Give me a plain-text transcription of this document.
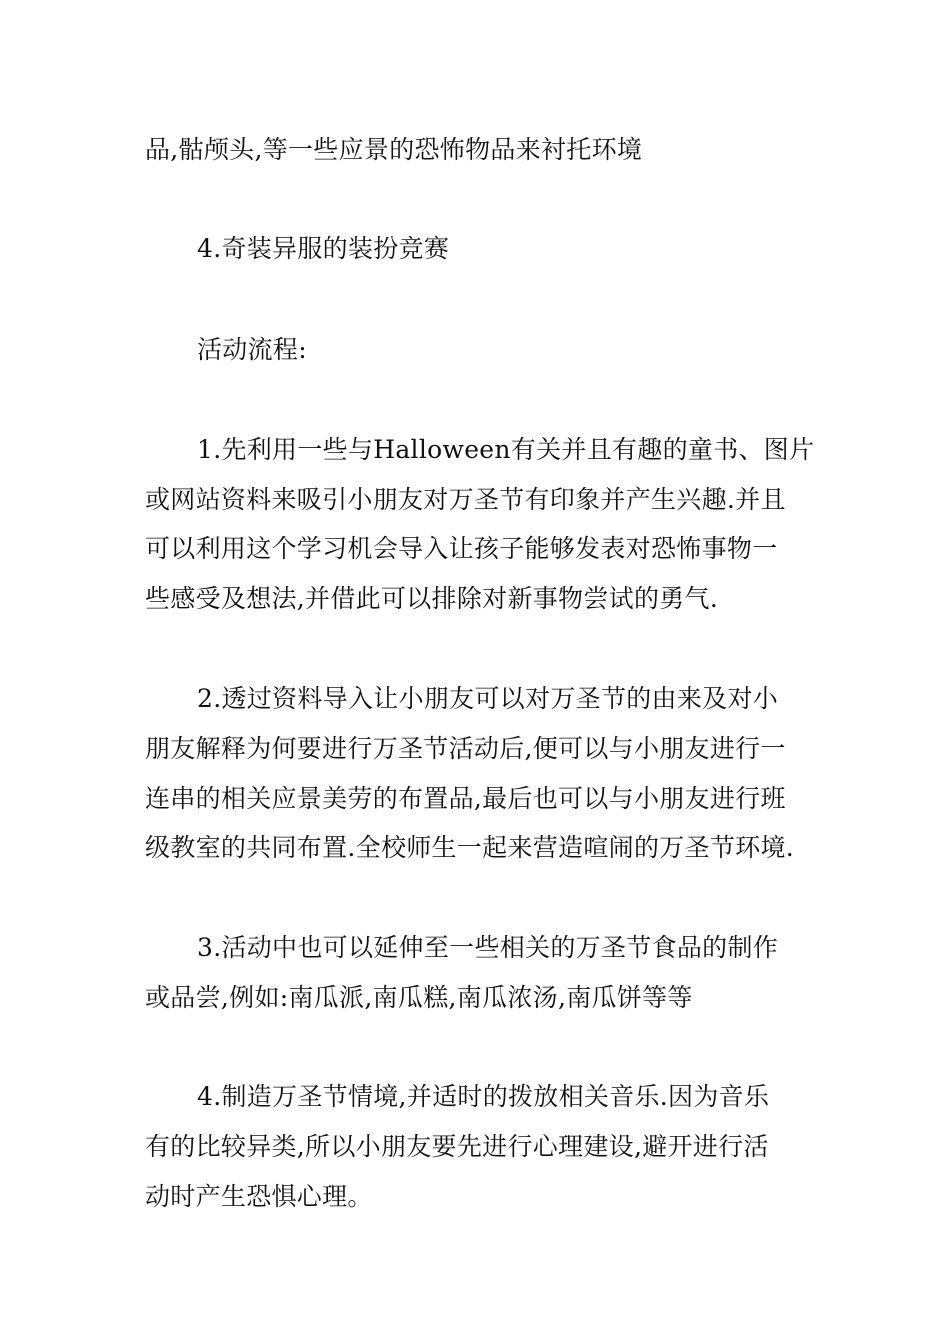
品,骷颅头,等一些应景的恐怖物品来衬托环境
4.奇装异服的装扮竞赛
活动流程:
1.先利用一些与Halloween有关并且有趣的童书、图片
或网站资料来吸引小朋友对万圣节有印象并产生兴趣.并且
可以利用这个学习机会导入让孩子能够发表对恐怖事物一
些感受及想法,并借此可以排除对新事物尝试的勇气.
2.透过资料导入让小朋友可以对万圣节的由来及对小
朋友解释为何要进行万圣节活动后,便可以与小朋友进行一
连串的相关应景美劳的布置品,最后也可以与小朋友进行班
级教室的共同布置.全校师生一起来营造喧闹的万圣节环境.
3.活动中也可以延伸至一些相关的万圣节食品的制作
或品尝,例如:南瓜派,南瓜糕,南瓜浓汤,南瓜饼等等
4.制造万圣节情境,并适时的拨放相关音乐.因为音乐
有的比较异类,所以小朋友要先进行心理建设,避开进行活
动时产生恐惧心理。
